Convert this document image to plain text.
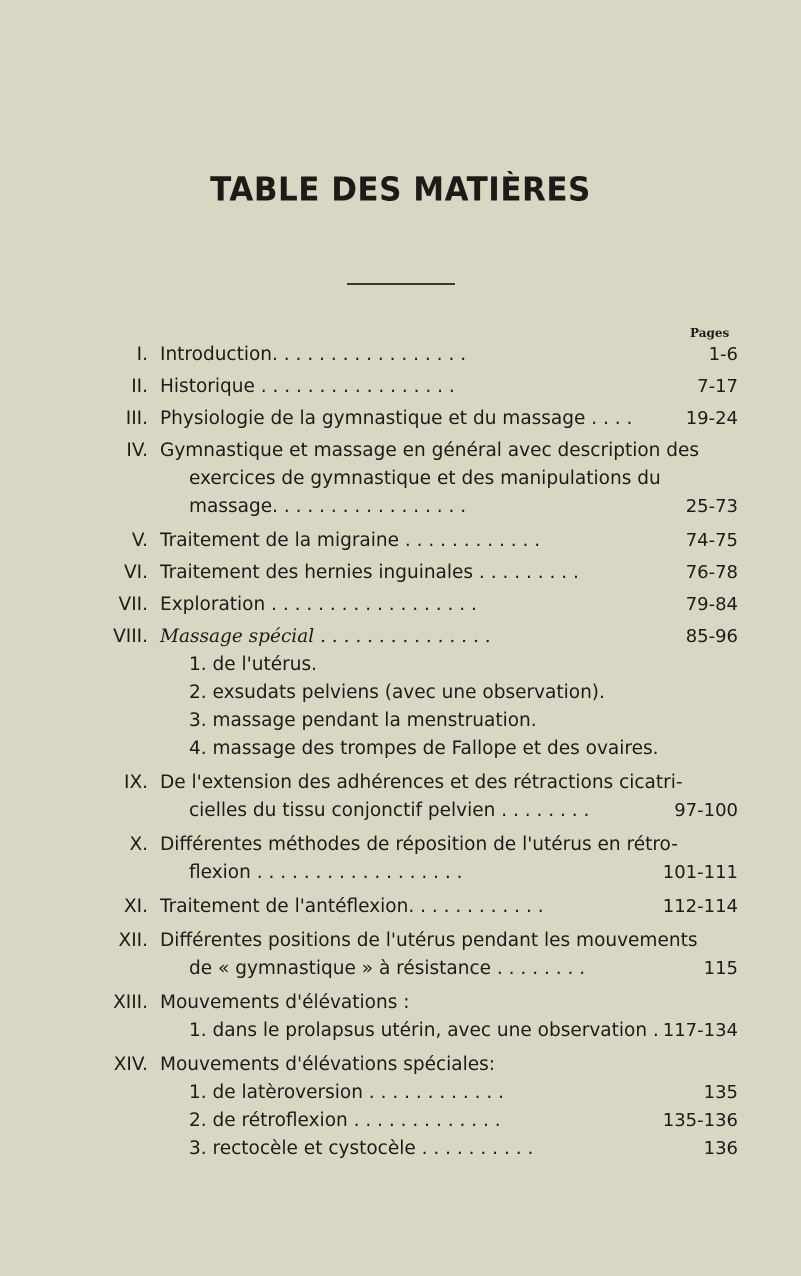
TABLE DES MATIÈRES
Pages
I. Introduction. . . . . . . . . . . . . . . . .	1-6
II. Historique . . . . . . . . . . . . . . . . .	7-17
III. Physiologie de la gymnastique et du massage . . . .	19-24
IV. Gymnastique et massage en général avec description des
exercices de gymnastique et des manipulations du
massage. . . . . . . . . . . . . . . . .	25-73
V. Traitement de la migraine . . . . . . . . . . . .	74-75
VI. Traitement des hernies inguinales . . . . . . . . .	76-78
VII. Exploration . . . . . . . . . . . . . . . . . .	79-84
VIII. Massage spécial . . . . . . . . . . . . . . .	85-96
1. de l'utérus.
2. exsudats pelviens (avec une observation).
3. massage pendant la menstruation.
4. massage des trompes de Fallope et des ovaires.
IX. De l'extension des adhérences et des rétractions cicatri-
cielles du tissu conjonctif pelvien . . . . . . . .	97-100
X. Différentes méthodes de réposition de l'utérus en rétro-
flexion . . . . . . . . . . . . . . . . . .	101-111
XI. Traitement de l'antéflexion. . . . . . . . . . . .	112-114
XII. Différentes positions de l'utérus pendant les mouvements
de « gymnastique » à résistance . . . . . . . .	115
XIII. Mouvements d'élévations :
1. dans le prolapsus utérin, avec une observation . 117-134
XIV. Mouvements d'élévations spéciales:
1. de latèroversion . . . . . . . . . . . .	135
2. de rétroflexion . . . . . . . . . . . . .	135-136
3. rectocèle et cystocèle . . . . . . . . . .	136
